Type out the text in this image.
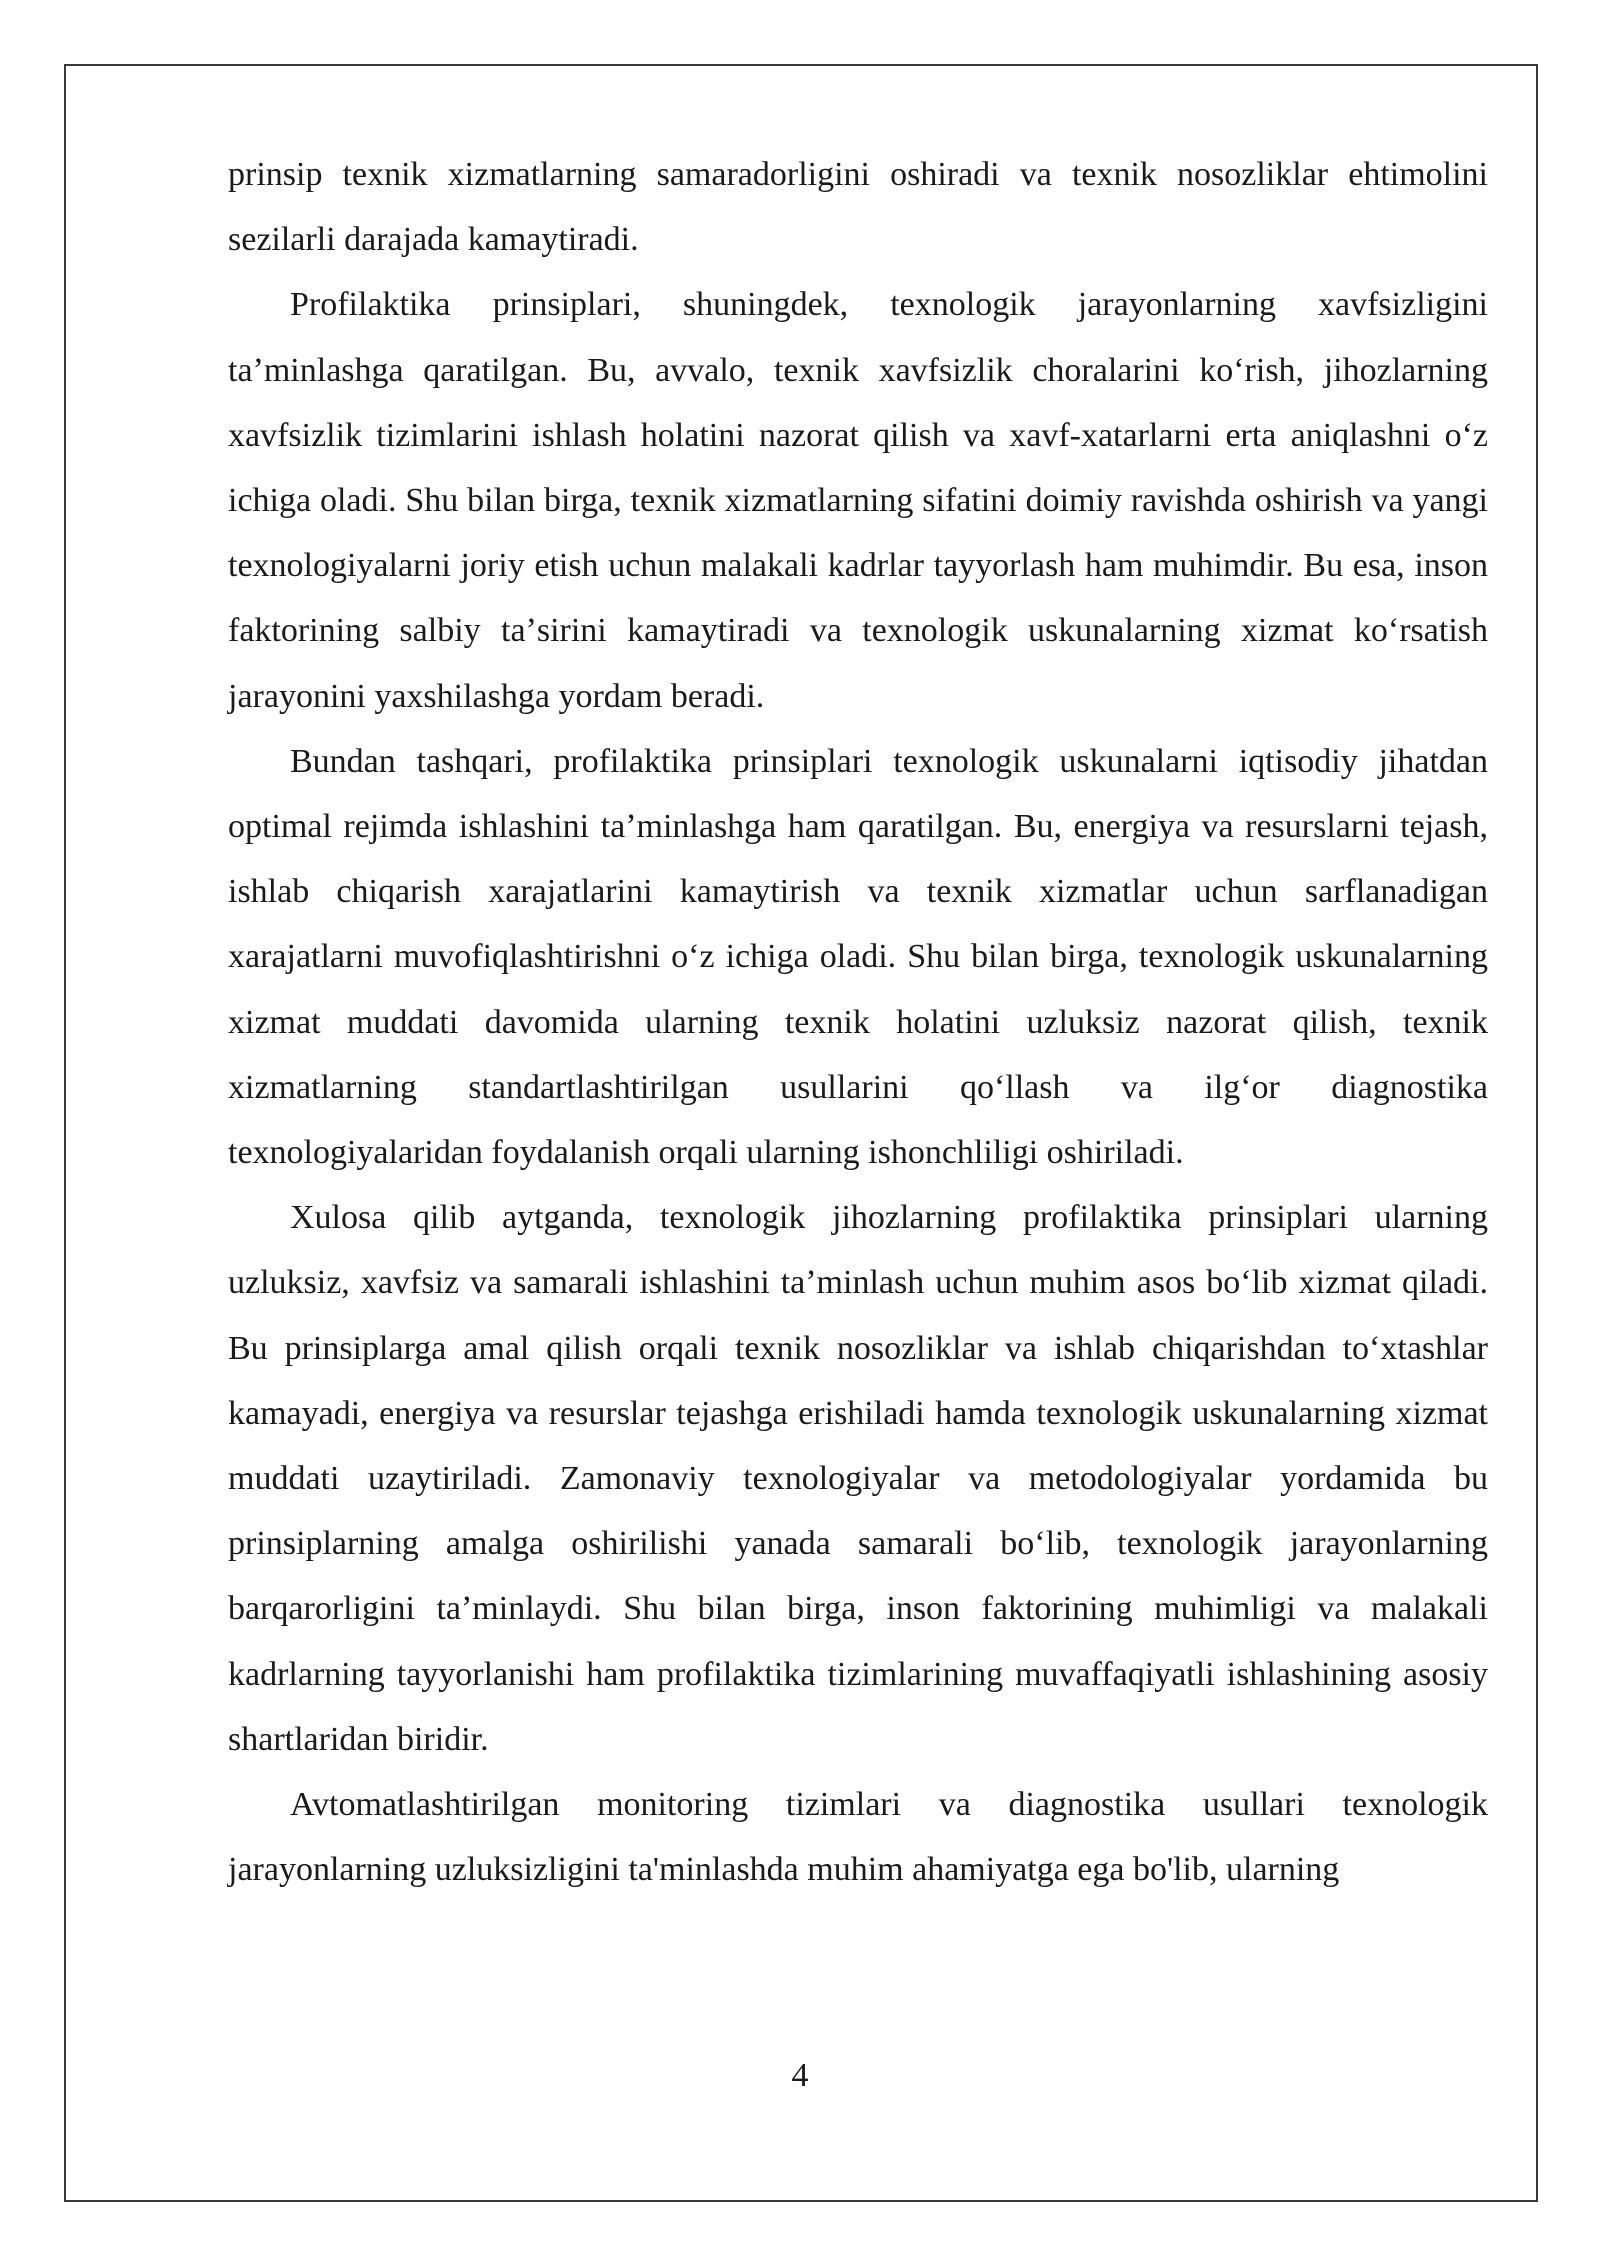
prinsip texnik xizmatlarning samaradorligini oshiradi va texnik nosozliklar ehtimolini sezilarli darajada kamaytiradi.

Profilaktika prinsiplari, shuningdek, texnologik jarayonlarning xavfsizligini taʼminlashga qaratilgan. Bu, avvalo, texnik xavfsizlik choralarini koʻrish, jihozlarning xavfsizlik tizimlarini ishlash holatini nazorat qilish va xavf-xatarlarni erta aniqlashni oʻz ichiga oladi. Shu bilan birga, texnik xizmatlarning sifatini doimiy ravishda oshirish va yangi texnologiyalarni joriy etish uchun malakali kadrlar tayyorlash ham muhimdir. Bu esa, inson faktorining salbiy taʼsirini kamaytiradi va texnologik uskunalarning xizmat koʻrsatish jarayonini yaxshilashga yordam beradi.

Bundan tashqari, profilaktika prinsiplari texnologik uskunalarni iqtisodiy jihatdan optimal rejimda ishlashini taʼminlashga ham qaratilgan. Bu, energiya va resurslarni tejash, ishlab chiqarish xarajatlarini kamaytirish va texnik xizmatlar uchun sarflanadigan xarajatlarni muvofiqlashtirishni oʻz ichiga oladi. Shu bilan birga, texnologik uskunalarning xizmat muddati davomida ularning texnik holatini uzluksiz nazorat qilish, texnik xizmatlarning standartlashtirilgan usullarini qoʻllash va ilgʻor diagnostika texnologiyalaridan foydalanish orqali ularning ishonchliligi oshiriladi.

Xulosa qilib aytganda, texnologik jihozlarning profilaktika prinsiplari ularning uzluksiz, xavfsiz va samarali ishlashini taʼminlash uchun muhim asos boʻlib xizmat qiladi. Bu prinsiplarga amal qilish orqali texnik nosozliklar va ishlab chiqarishdan toʻxtashlar kamayadi, energiya va resurslar tejashga erishiladi hamda texnologik uskunalarning xizmat muddati uzaytiriladi. Zamonaviy texnologiyalar va metodologiyalar yordamida bu prinsiplarning amalga oshirilishi yanada samarali boʻlib, texnologik jarayonlarning barqarorligini taʼminlaydi. Shu bilan birga, inson faktorining muhimligi va malakali kadrlarning tayyorlanishi ham profilaktika tizimlarining muvaffaqiyatli ishlashining asosiy shartlaridan biridir.

Avtomatlashtirilgan monitoring tizimlari va diagnostika usullari texnologik jarayonlarning uzluksizligini ta'minlashda muhim ahamiyatga ega bo'lib, ularning

4
